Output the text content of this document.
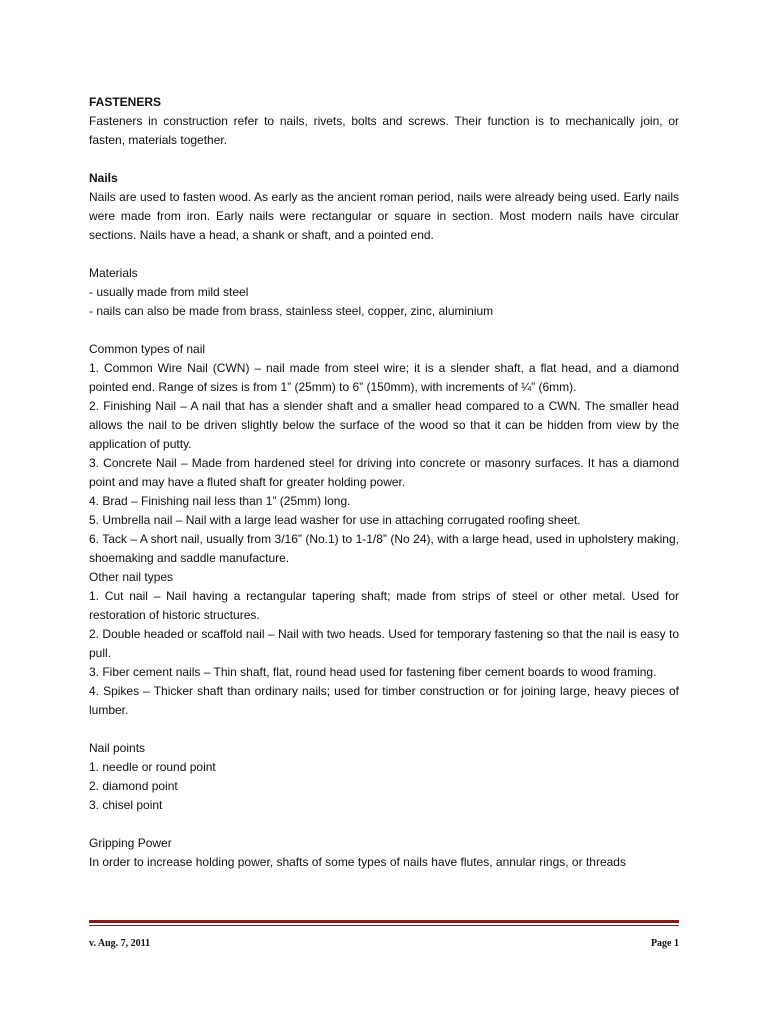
FASTENERS

Fasteners in construction refer to nails, rivets, bolts and screws. Their function is to mechanically join, or fasten, materials together.

Nails

Nails are used to fasten wood. As early as the ancient roman period, nails were already being used. Early nails were made from iron. Early nails were rectangular or square in section. Most modern nails have circular sections. Nails have a head, a shank or shaft, and a pointed end.

Materials

- usually made from mild steel

- nails can also be made from brass, stainless steel, copper, zinc, aluminium

Common types of nail

1. Common Wire Nail (CWN) – nail made from steel wire; it is a slender shaft, a flat head, and a diamond pointed end. Range of sizes is from 1” (25mm) to 6” (150mm), with increments of ¼” (6mm).

2. Finishing Nail – A nail that has a slender shaft and a smaller head compared to a CWN. The smaller head allows the nail to be driven slightly below the surface of the wood so that it can be hidden from view by the application of putty.

3. Concrete Nail – Made from hardened steel for driving into concrete or masonry surfaces. It has a diamond point and may have a fluted shaft for greater holding power.

4. Brad – Finishing nail less than 1” (25mm) long.

5. Umbrella nail – Nail with a large lead washer for use in attaching corrugated roofing sheet.

6. Tack – A short nail, usually from 3/16” (No.1) to 1-1/8” (No 24), with a large head, used in upholstery making, shoemaking and saddle manufacture.

Other nail types

1. Cut nail – Nail having a rectangular tapering shaft; made from strips of steel or other metal. Used for restoration of historic structures.

2. Double headed or scaffold nail – Nail with two heads. Used for temporary fastening so that the nail is easy to pull.

3. Fiber cement nails – Thin shaft, flat, round head used for fastening fiber cement boards to wood framing.

4. Spikes – Thicker shaft than ordinary nails; used for timber construction or for joining large, heavy pieces of lumber.

Nail points

1. needle or round point

2. diamond point

3. chisel point

Gripping Power

In order to increase holding power, shafts of some types of nails have flutes, annular rings, or threads

v. Aug. 7, 2011	Page 1
